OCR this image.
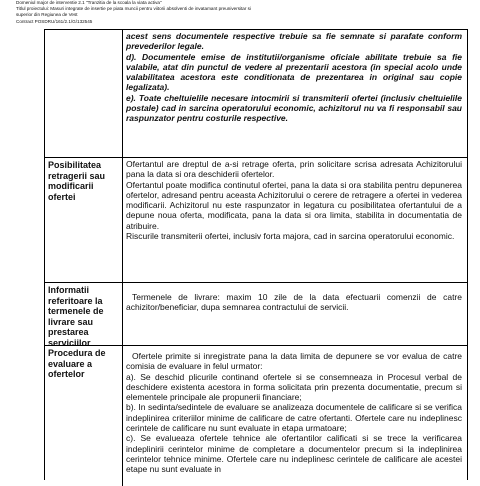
Domeniul major de interventie 2.1 "Tranzitia de la scoala la viata activa"
Titlul proiectului: Masuri integrate de insertie pe piata muncii pentru viitorii absolventi de invatamant preuniversitar si
superior din Regiunea de Vest
Contract POSDRU/161/2.1/G/132545

acest sens documentele respective trebuie sa fie semnate si parafate conform prevederilor legale.

d). Documentele emise de institutii/organisme oficiale abilitate trebuie sa fie valabile, atat din punctul de vedere al prezentarii acestora (in special acolo unde valabilitatea acestora este conditionata de prezentarea in original sau copie legalizata).

e). Toate cheltuielile necesare intocmirii si transmiterii ofertei (inclusiv cheltuielile postale) cad in sarcina operatorului economic, achizitorul nu va fi responsabil sau raspunzator pentru costurile respective.

Posibilitatea retragerii sau modificarii ofertei

Ofertantul are dreptul de a-si retrage oferta, prin solicitare scrisa adresata Achizitorului pana la data si ora deschiderii ofertelor.

Ofertantul poate modifica continutul ofertei, pana la data si ora stabilita pentru depunerea ofertelor, adresand pentru aceasta Achizitorului o cerere de retragere a ofertei in vederea modificarii. Achizitorul nu este raspunzator in legatura cu posibilitatea ofertantului de a depune noua oferta, modificata, pana la data si ora limita, stabilita in documentatia de atribuire.

Riscurile transmiterii ofertei, inclusiv forta majora, cad in sarcina operatorului economic.

Informatii referitoare la termenele de livrare sau prestarea serviciilor

Termenele de livrare: maxim 10 zile de la data efectuarii comenzii de catre achizitor/beneficiar, dupa semnarea contractului de servicii.

Procedura de evaluare a ofertelor

Ofertele primite si inregistrate pana la data limita de depunere se vor evalua de catre comisia de evaluare in felul urmator:

a). Se deschid plicurile continand ofertele si se consemneaza in Procesul verbal de deschidere existenta acestora in forma solicitata prin prezenta documentatie, precum si elementele principale ale propunerii financiare;

b). In sedinta/sedintele de evaluare se analizeaza documentele de calificare si se verifica indeplinirea criteriilor minime de calificare de catre ofertanti. Ofertele care nu indeplinesc cerintele de calificare nu sunt evaluate in etapa urmatoare;

c). Se evalueaza ofertele tehnice ale ofertantilor calificati si se trece la verificarea indeplinirii cerintelor minime de completare a documentelor precum si la indeplinirea cerintelor tehnice minime. Ofertele care nu indeplinesc cerintele de calificare ale acestei etape nu sunt evaluate in
